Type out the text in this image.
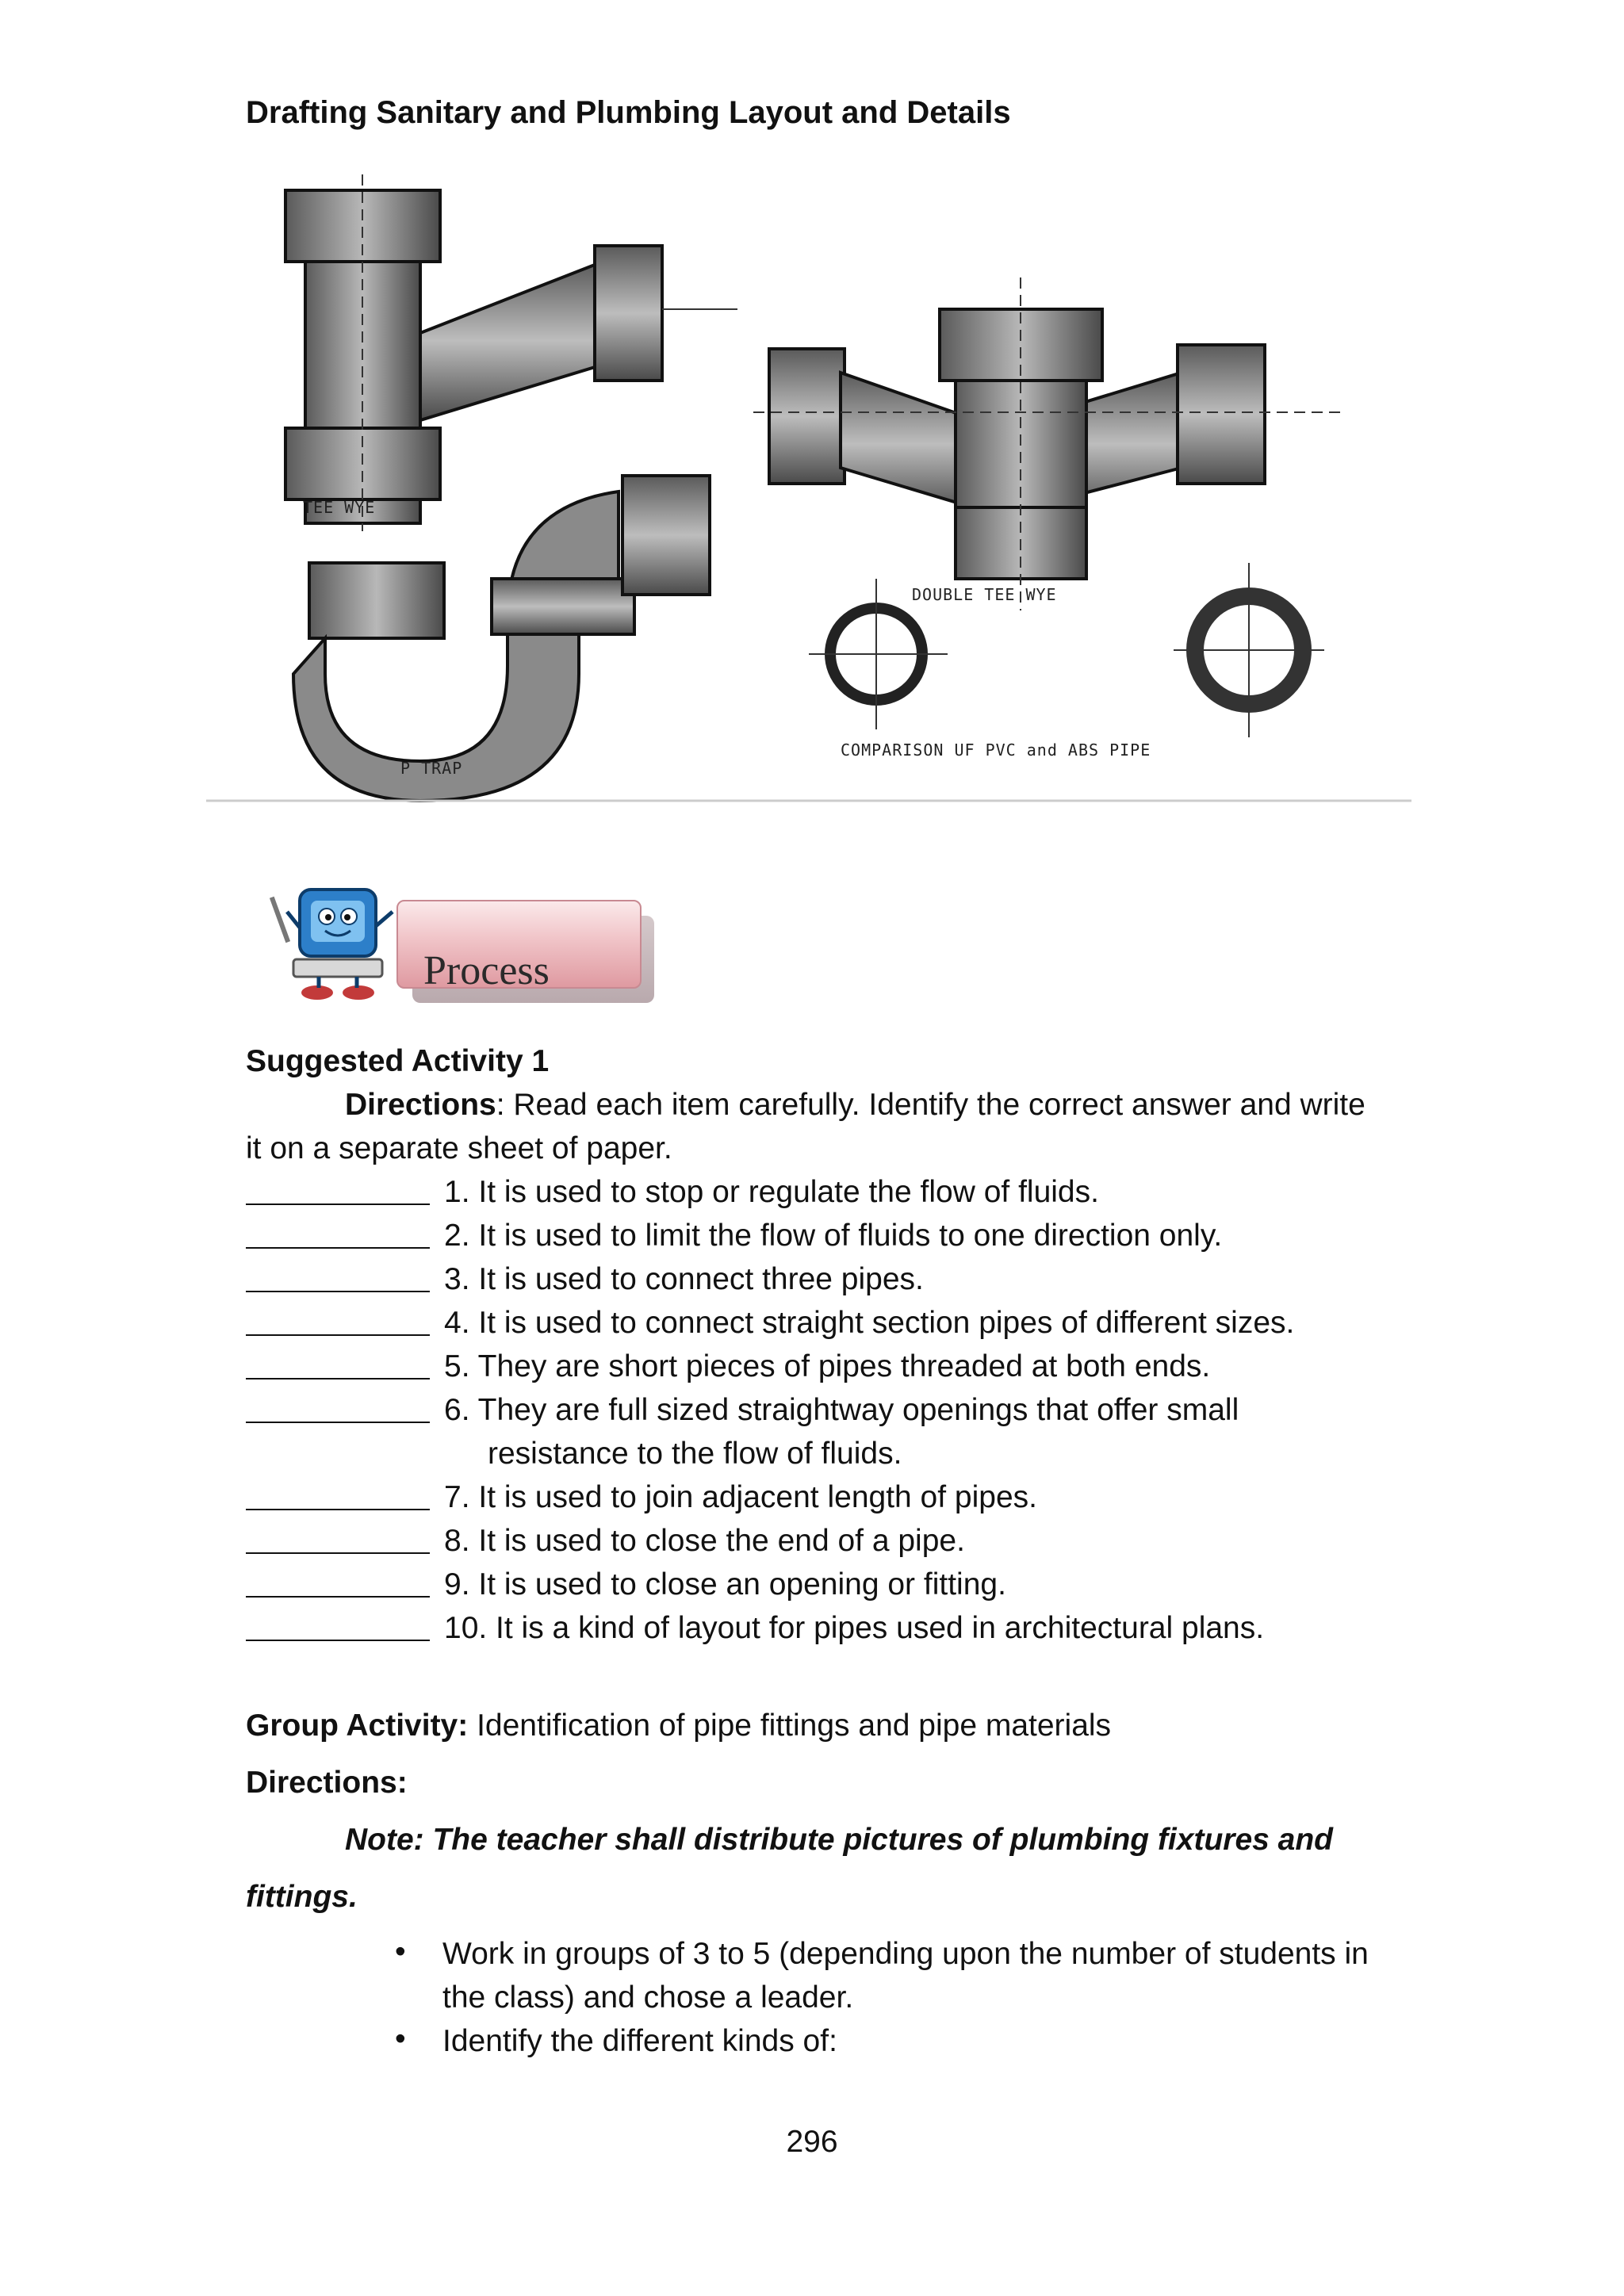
Drafting Sanitary and Plumbing Layout and Details
TEE WYE
P TRAP
DOUBLE TEE WYE
COMPARISON UF PVC and ABS PIPE
Process
Suggested Activity 1
Directions: Read each item carefully. Identify the correct answer and write
it on a separate sheet of paper.
1. It is used to stop or regulate the flow of fluids.
2. It is used to limit the flow of fluids to one direction only.
3. It is used to connect three pipes.
4. It is used to connect straight section pipes of different sizes.
5. They are short pieces of pipes threaded at both ends.
6. They are full sized straightway openings that offer small
resistance to the flow of fluids.
7. It is used to join adjacent length of pipes.
8. It is used to close the end of a pipe.
9. It is used to close an opening or fitting.
10. It is a kind of layout for pipes used in architectural plans.
Group Activity: Identification of pipe fittings and pipe materials
Directions:
Note: The teacher shall distribute pictures of plumbing fixtures and
fittings.
• Work in groups of 3 to 5 (depending upon the number of students in
the class) and chose a leader.
• Identify the different kinds of:
296
